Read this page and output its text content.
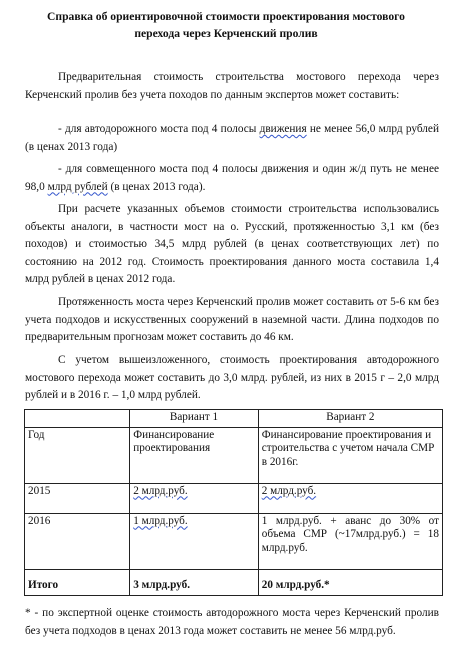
Справка об ориентировочной стоимости проектирования мостового перехода через Керченский пролив

Предварительная стоимость строительства мостового перехода через Керченский пролив без учета походов по данным экспертов может составить:

- для автодорожного моста под 4 полосы движения не менее 56,0 млрд рублей (в ценах 2013 года)

- для совмещенного моста под 4 полосы движения и один ж/д путь не менее 98,0 млрд рублей (в ценах 2013 года).

При расчете указанных объемов стоимости строительства использовались объекты аналоги, в частности мост на о. Русский, протяженностью 3,1 км (без походов) и стоимостью 34,5 млрд рублей (в ценах соответствующих лет) по состоянию на 2012 год. Стоимость проектирования данного моста составила 1,4 млрд рублей в ценах 2012 года.

Протяженность моста через Керченский пролив может составить от 5-6 км без учета подходов и искусственных сооружений в наземной части. Длина подходов по предварительным прогнозам может составить до 46 км.

С учетом вышеизложенного, стоимость проектирования автодорожного мостового перехода может составить до 3,0 млрд. рублей, из них в 2015 г – 2,0 млрд рублей и в 2016 г. – 1,0 млрд рублей.

	Вариант 1	Вариант 2
Год	Финансирование проектирования	Финансирование проектирования и строительства с учетом начала СМР в 2016г.
2015	2 млрд.руб.	2 млрд.руб.
2016	1 млрд.руб.	1 млрд.руб. + аванс до 30% от объема СМР (~17млрд.руб.) = 18 млрд.руб.
Итого	3 млрд.руб.	20 млрд.руб.*

* - по экспертной оценке стоимость автодорожного моста через Керченский пролив без учета подходов в ценах 2013 года может составить не менее 56 млрд.руб.
